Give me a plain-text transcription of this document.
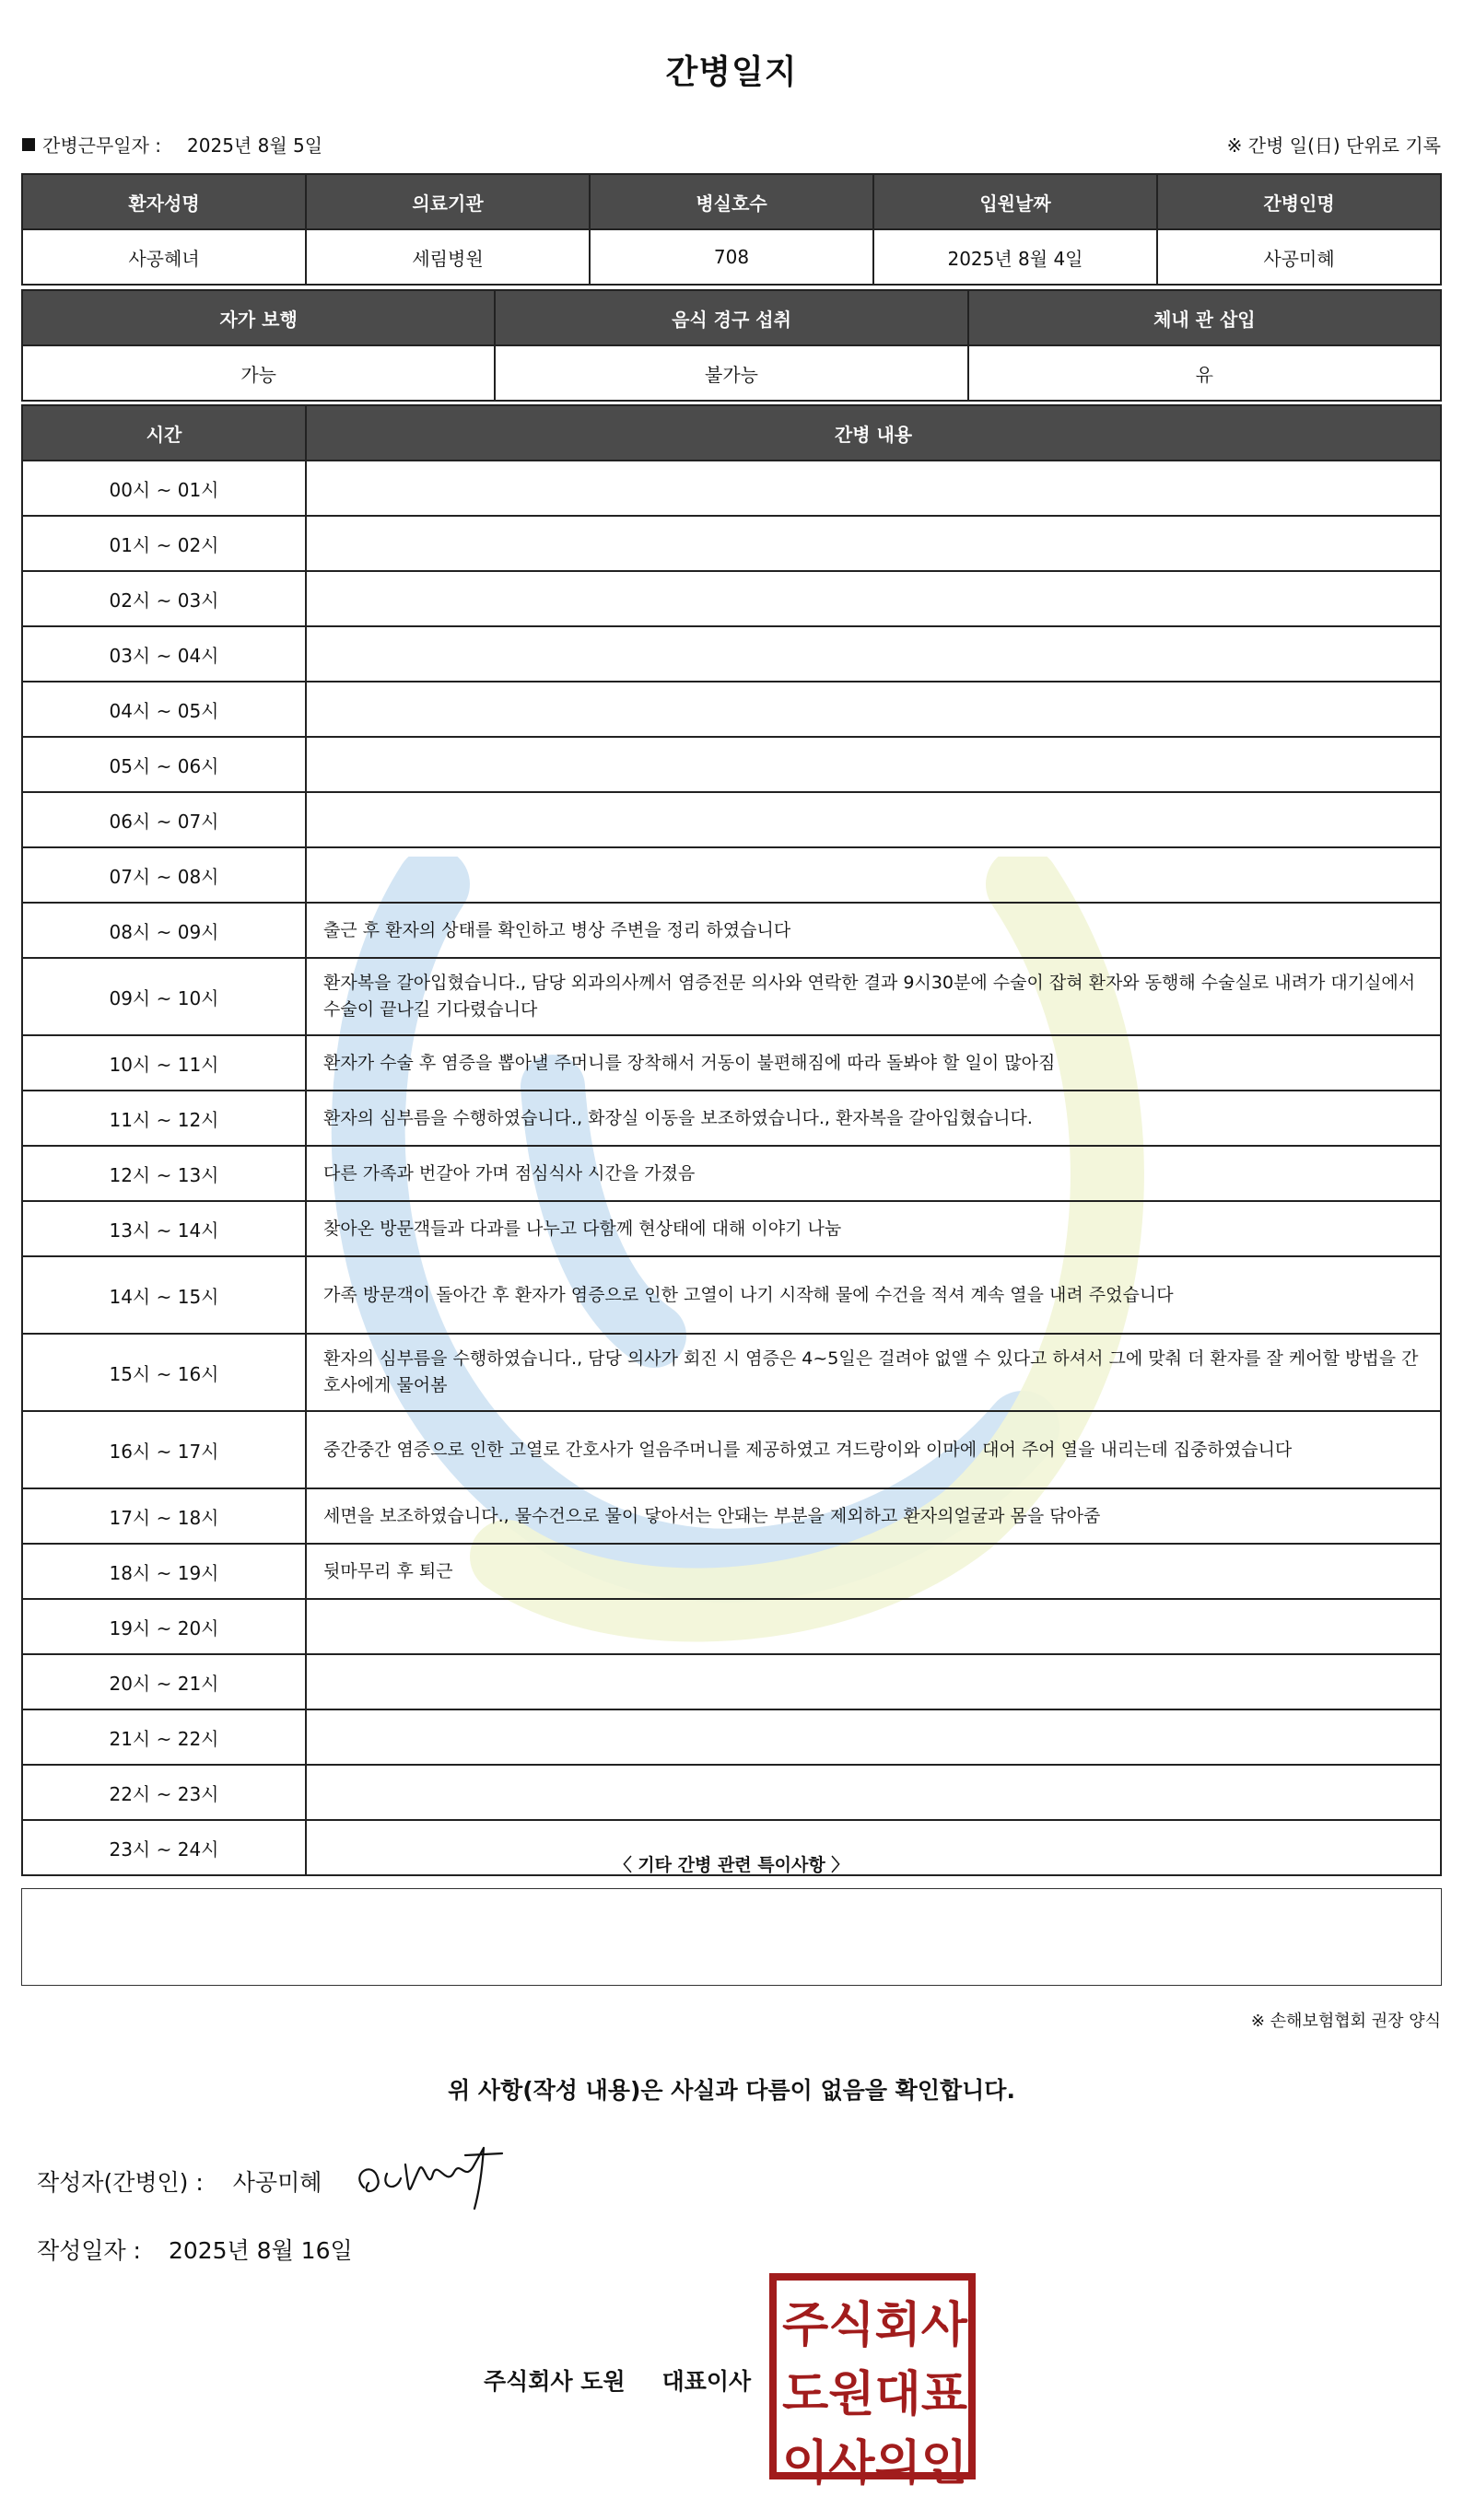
간병일지
간병근무일자 : 2025년 8월 5일	※ 간병 일(日) 단위로 기록
환자성명	의료기관	병실호수	입원날짜	간병인명
사공혜녀	세림병원	708	2025년 8월 4일	사공미혜
자가 보행	음식 경구 섭취	체내 관 삽입
가능	불가능	유
시간	간병 내용
00시 ~ 01시	
01시 ~ 02시	
02시 ~ 03시	
03시 ~ 04시	
04시 ~ 05시	
05시 ~ 06시	
06시 ~ 07시	
07시 ~ 08시	
08시 ~ 09시	출근 후 환자의 상태를 확인하고 병상 주변을 정리 하였습니다
09시 ~ 10시	환자복을 갈아입혔습니다., 담당 외과의사께서 염증전문 의사와 연락한 결과 9시30분에 수술이 잡혀 환자와 동행해 수술실로 내려가 대기실에서 수술이 끝나길 기다렸습니다
10시 ~ 11시	환자가 수술 후 염증을 뽑아낼 주머니를 장착해서 거동이 불편해짐에 따라 돌봐야 할 일이 많아짐
11시 ~ 12시	환자의 심부름을 수행하였습니다., 화장실 이동을 보조하였습니다., 환자복을 갈아입혔습니다.
12시 ~ 13시	다른 가족과 번갈아 가며 점심식사 시간을 가졌음
13시 ~ 14시	찾아온 방문객들과 다과를 나누고 다함께 현상태에 대해 이야기 나눔
14시 ~ 15시	가족 방문객이 돌아간 후 환자가 염증으로 인한 고열이 나기 시작해 물에 수건을 적셔 계속 열을 내려 주었습니다
15시 ~ 16시	환자의 심부름을 수행하였습니다., 담당 의사가 회진 시 염증은 4~5일은 걸려야 없앨 수 있다고 하셔서 그에 맞춰 더 환자를 잘 케어할 방법을 간호사에게 물어봄
16시 ~ 17시	중간중간 염증으로 인한 고열로 간호사가 얼음주머니를 제공하였고 겨드랑이와 이마에 대어 주어 열을 내리는데 집중하였습니다
17시 ~ 18시	세면을 보조하였습니다., 물수건으로 물이 닿아서는 안돼는 부분을 제외하고 환자의얼굴과 몸을 닦아줌
18시 ~ 19시	뒷마무리 후 퇴근
19시 ~ 20시	
20시 ~ 21시	
21시 ~ 22시	
22시 ~ 23시	
23시 ~ 24시	
〈 기타 간병 관련 특이사항 〉
※ 손해보험협회 권장 양식
위 사항(작성 내용)은 사실과 다름이 없음을 확인합니다.
작성자(간병인) : 사공미혜
작성일자 : 2025년 8월 16일
주식회사 도원 대표이사
주 식 회 사
도 원 대 표
이 사 의 인
